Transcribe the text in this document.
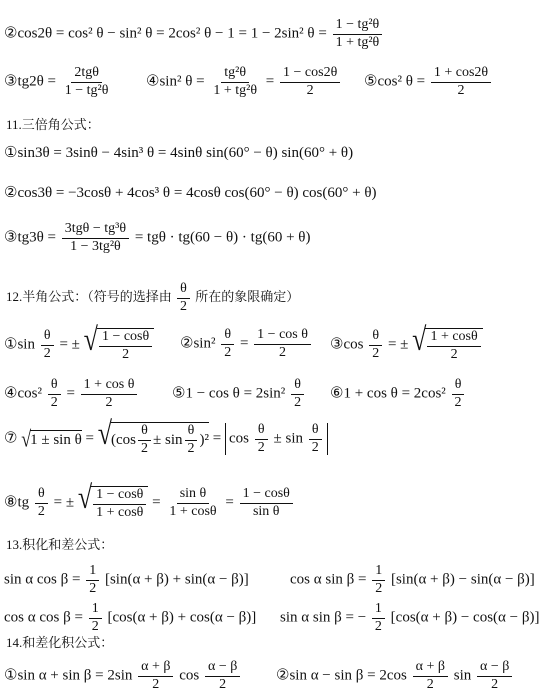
②cos2θ = cos² θ − sin² θ = 2cos² θ − 1 = 1 − 2sin² $\theta = \frac{\text{1 − tg²θ}}{\text{1 + tg²θ}}$
③tg2θ = $\frac{\text{2tgθ}}{\text{1 − tg²θ}}$ ④sin² $\theta = \frac{\text{tg²θ}}{\text{1 + tg²θ}} = \frac{1 - \cos 2\theta}{2}$ ⑤cos² $\theta = \frac{1 + \cos 2\theta}{2}$
11.三倍角公式：
①sin3θ = 3sinθ − 4sin³ θ = 4sinθ sin(60° − θ) sin(60° + θ)
②cos3θ = −3cosθ + 4cos³ θ = 4cosθ cos(60° − θ) cos(60° + θ)
③tg3θ = $\frac{\text{3tgθ − tg³θ}}{\text{1 − 3tg²θ}} = tg\theta \cdot tg(60 - \theta) \cdot tg(60 + \theta)$
12.半角公式：（符号的选择由 $\frac{\theta}{2}$ 所在的象限确定）
①sin $\frac{\theta}{2}$ = ± √ $\frac{1 - \cos\theta}{2}$ ②sin² $\frac{\theta}{2} = \frac{\text{1 − cos θ}}{2}$ ③cos $\frac{\theta}{2}$ = ± √ $\frac{1 + \cos\theta}{2}$
④cos² $\frac{\theta}{2} = \frac{\text{1 + cos θ}}{2}$ ⑤1 − $\cos \theta = 2\sin^2 \frac{\theta}{2}$ ⑥1 + $\cos \theta = 2\cos^2 \frac{\theta}{2}$
⑦ √ 1 ± sin θ = √ $(\cos \frac{\theta}{2} \pm \sin \frac{\theta}{2} )^2 = \cos \frac{\theta}{2} \pm \sin \frac{\theta}{2}$
⑧tg $\frac{\theta}{2}$ = ± √ $\frac{1 - \cos\theta}{1 + \cos\theta} = \frac{\text{sin θ}}{1 + \cos\theta} = \frac{1 - \cos\theta}{\text{sin θ}}$
13.积化和差公式：
sin α $\cos \beta = \frac{1}{2} [\sin(\alpha + \beta) + \sin(\alpha - \beta)]$	cos α $\sin \beta = \frac{1}{2} [\sin(\alpha + \beta) - \sin(\alpha - \beta)]$
cos α $\cos \beta = \frac{1}{2} [\cos(\alpha + \beta) + \cos(\alpha - \beta)]$ sin α sin β = − $\frac{1}{2} [\cos(\alpha + \beta) - \cos(\alpha - \beta)]$
14.和差化积公式：
①sin $\alpha + \sin \beta = 2\sin \frac{\alpha + \beta}{2}$ $\cos \frac{\alpha - \beta}{2}$ ②sin $\alpha - \sin \beta = 2\cos \frac{\alpha + \beta}{2}$ $\sin \frac{\alpha - \beta}{2}$
